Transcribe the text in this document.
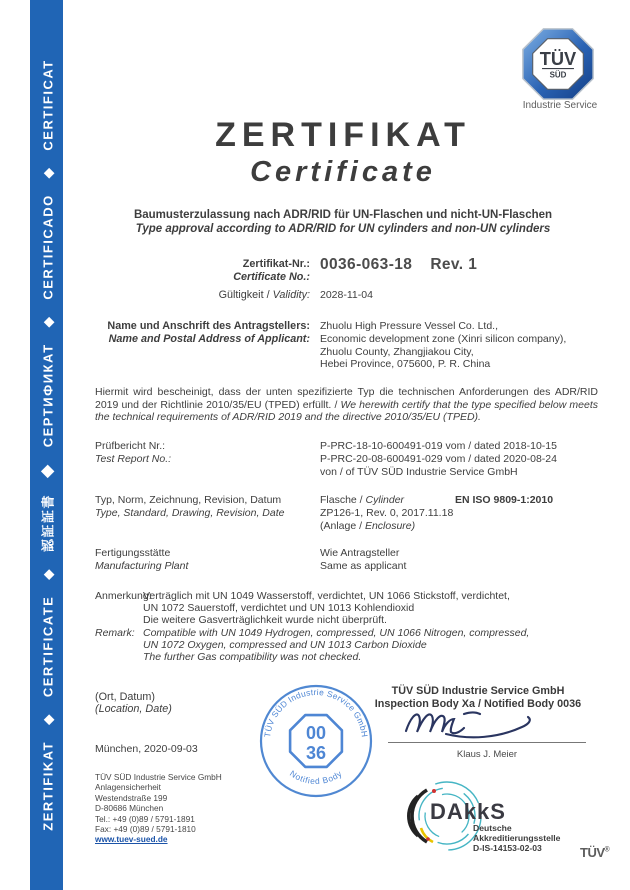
ZERTIFIKAT ◆ CERTIFICATE ◆ 認証証書 ◆ СЕРТИФИКАТ ◆ CERTIFICADO ◆ CERTIFICAT
TÜV
SÜD
Industrie Service
ZERTIFIKAT
Certificate
Baumusterzulassung nach ADR/RID für UN-Flaschen und nicht-UN-Flaschen
Type approval according to ADR/RID for UN cylinders and non-UN cylinders
Zertifikat-Nr.:
Certificate No.:
0036-063-18 Rev. 1
Gültigkeit / Validity: 2028-11-04
Name und Anschrift des Antragstellers:
Name and Postal Address of Applicant:
Zhuolu High Pressure Vessel Co. Ltd.,
Economic development zone (Xinri silicon company),
Zhuolu County, Zhangjiakou City,
Hebei Province, 075600, P. R. China
Hiermit wird bescheinigt, dass der unten spezifizierte Typ die technischen Anforderungen des ADR/RID 2019 und der Richtlinie 2010/35/EU (TPED) erfüllt. / We herewith certify that the type specified below meets the technical requirements of ADR/RID 2019 and the directive 2010/35/EU (TPED).
Prüfbericht Nr.:
Test Report No.:
P-PRC-18-10-600491-019 vom / dated 2018-10-15
P-PRC-20-08-600491-029 vom / dated 2020-08-24
von / of TÜV SÜD Industrie Service GmbH
Typ, Norm, Zeichnung, Revision, Datum
Type, Standard, Drawing, Revision, Date
Flasche / Cylinder
ZP126-1, Rev. 0, 2017.11.18
(Anlage / Enclosure)
EN ISO 9809-1:2010
Fertigungsstätte
Manufacturing Plant
Wie Antragsteller
Same as applicant
Anmerkung:
Verträglich mit UN 1049 Wasserstoff, verdichtet, UN 1066 Stickstoff, verdichtet,
UN 1072 Sauerstoff, verdichtet und UN 1013 Kohlendioxid
Die weitere Gasverträglichkeit wurde nicht überprüft.
Remark: Compatible with UN 1049 Hydrogen, compressed, UN 1066 Nitrogen, compressed,
UN 1072 Oxygen, compressed and UN 1013 Carbon Dioxide
The further Gas compatibility was not checked.
(Ort, Datum)
(Location, Date)
München, 2020-09-03
TÜV SÜD Industrie Service GmbH
Notified Body
00
36
TÜV SÜD Industrie Service GmbH
Inspection Body Xa / Notified Body 0036
Klaus J. Meier
TÜV SÜD Industrie Service GmbH
Anlagensicherheit
Westendstraße 199
D-80686 München
Tel.: +49 (0)89 / 5791-1891
Fax: +49 (0)89 / 5791-1810
www.tuev-sued.de
DAkkS
Deutsche
Akkreditierungsstelle
D-IS-14153-02-03	TÜV®
